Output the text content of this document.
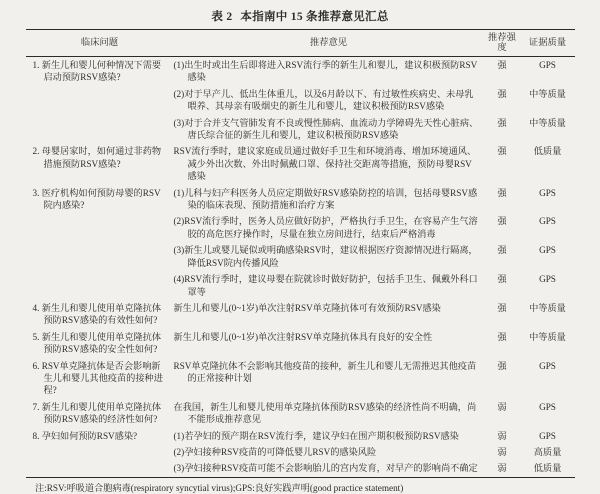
表 2 本指南中 15 条推荐意见汇总
临床问题	推荐意见	推荐强度	证据质量

1. 新生儿和婴儿何种情况下需要启动预防RSV感染?	(1)出生时或出生后即将进入RSV流行季的新生儿和婴儿，建议积极预防RSV感染	强	GPS

	(2)对于早产儿、低出生体重儿，以及6月龄以下、有过敏性疾病史、未母乳喂养、其母亲有吸烟史的新生儿和婴儿，建议积极预防RSV感染	强	中等质量

	(3)对于合并支气管肺发育不良或慢性肺病、血流动力学障碍先天性心脏病、唐氏综合征的新生儿和婴儿，建议积极预防RSV感染	强	中等质量

2. 母婴居家时，如何通过非药物措施预防RSV感染?	RSV流行季时，建议家庭成员通过做好手卫生和环境消毒、增加环境通风、减少外出次数、外出时佩戴口罩、保持社交距离等措施，预防母婴RSV感染	强	低质量

3. 医疗机构如何预防母婴的RSV院内感染?	(1)儿科与妇产科医务人员应定期做好RSV感染防控的培训，包括母婴RSV感染的临床表现、预防措施和治疗方案	强	GPS

	(2)RSV流行季时，医务人员应做好防护，严格执行手卫生，在容易产生气溶胶的高危医疗操作时，尽量在独立房间进行，结束后严格消毒	强	GPS

	(3)新生儿或婴儿疑似或明确感染RSV时，建议根据医疗资源情况进行隔离，降低RSV院内传播风险	强	GPS

	(4)RSV流行季时，建议母婴在院就诊时做好防护，包括手卫生、佩戴外科口罩等	强	GPS

4. 新生儿和婴儿使用单克隆抗体预防RSV感染的有效性如何?	新生儿和婴儿(0~1岁)单次注射RSV单克隆抗体可有效预防RSV感染	强	中等质量

5. 新生儿和婴儿使用单克隆抗体预防RSV感染的安全性如何?	新生儿和婴儿(0~1岁)单次注射RSV单克隆抗体具有良好的安全性	强	中等质量

6. RSV单克隆抗体是否会影响新生儿和婴儿其他疫苗的接种进程?	RSV单克隆抗体不会影响其他疫苗的接种，新生儿和婴儿无需推迟其他疫苗的正常接种计划	强	GPS

7. 新生儿和婴儿使用单克隆抗体预防RSV感染的经济性如何?	在我国，新生儿和婴儿使用单克隆抗体预防RSV感染的经济性尚不明确，尚不能形成推荐意见	弱	GPS

8. 孕妇如何预防RSV感染?	(1)若孕妇的预产期在RSV流行季，建议孕妇在围产期积极预防RSV感染	弱	GPS

	(2)孕妇接种RSV疫苗的可降低婴儿RSV的感染风险	弱	高质量

	(3)孕妇接种RSV疫苗可能不会影响胎儿的宫内发育，对早产的影响尚不确定	弱	低质量
注:RSV:呼吸道合胞病毒(respiratory syncytial virus);GPS:良好实践声明(good practice statement)
